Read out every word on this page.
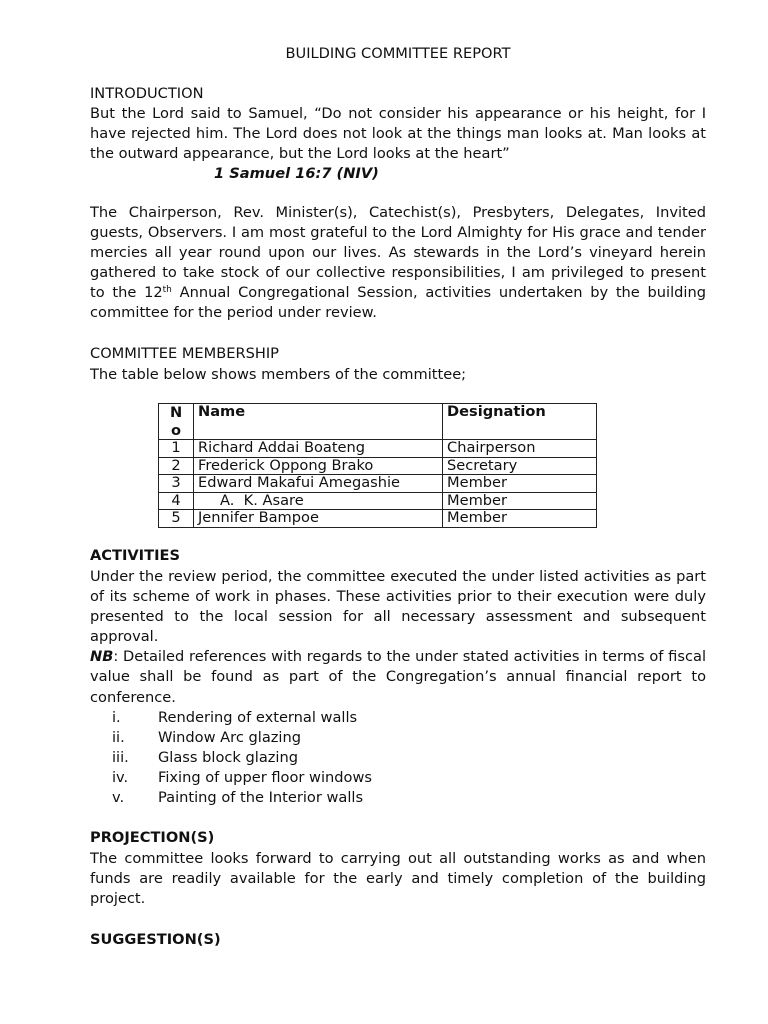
BUILDING COMMITTEE REPORT
INTRODUCTION

But the Lord said to Samuel, “Do not consider his appearance or his height, for I have rejected him. The Lord does not look at the things man looks at. Man looks at the outward appearance, but the Lord looks at the heart”

1 Samuel 16:7 (NIV)

The Chairperson, Rev. Minister(s), Catechist(s), Presbyters, Delegates, Invited guests, Observers. I am most grateful to the Lord Almighty for His grace and tender mercies all year round upon our lives. As stewards in the Lord’s vineyard herein gathered to take stock of our collective responsibilities, I am privileged to present to the 12th Annual Congregational Session, activities undertaken by the building committee for the period under review.

COMMITTEE MEMBERSHIP
The table below shows members of the committee;
No	Name	Designation
1	Richard Addai Boateng	Chairperson
2	Frederick Oppong Brako	Secretary
3	Edward Makafui Amegashie	Member
4	A.  K. Asare	Member
5	Jennifer Bampoe	Member
ACTIVITIES

Under the review period, the committee executed the under listed activities as part of its scheme of work in phases. These activities prior to their execution were duly presented to the local session for all necessary assessment and subsequent approval.

NB: Detailed references with regards to the under stated activities in terms of fiscal value shall be found as part of the Congregation’s annual financial report to conference.

i.	Rendering of external walls
ii.	Window Arc glazing
iii.	Glass block glazing
iv.	Fixing of upper floor windows
v.	Painting of the Interior walls
PROJECTION(S)

The committee looks forward to carrying out all outstanding works as and when funds are readily available for the early and timely completion of the building project.

SUGGESTION(S)
